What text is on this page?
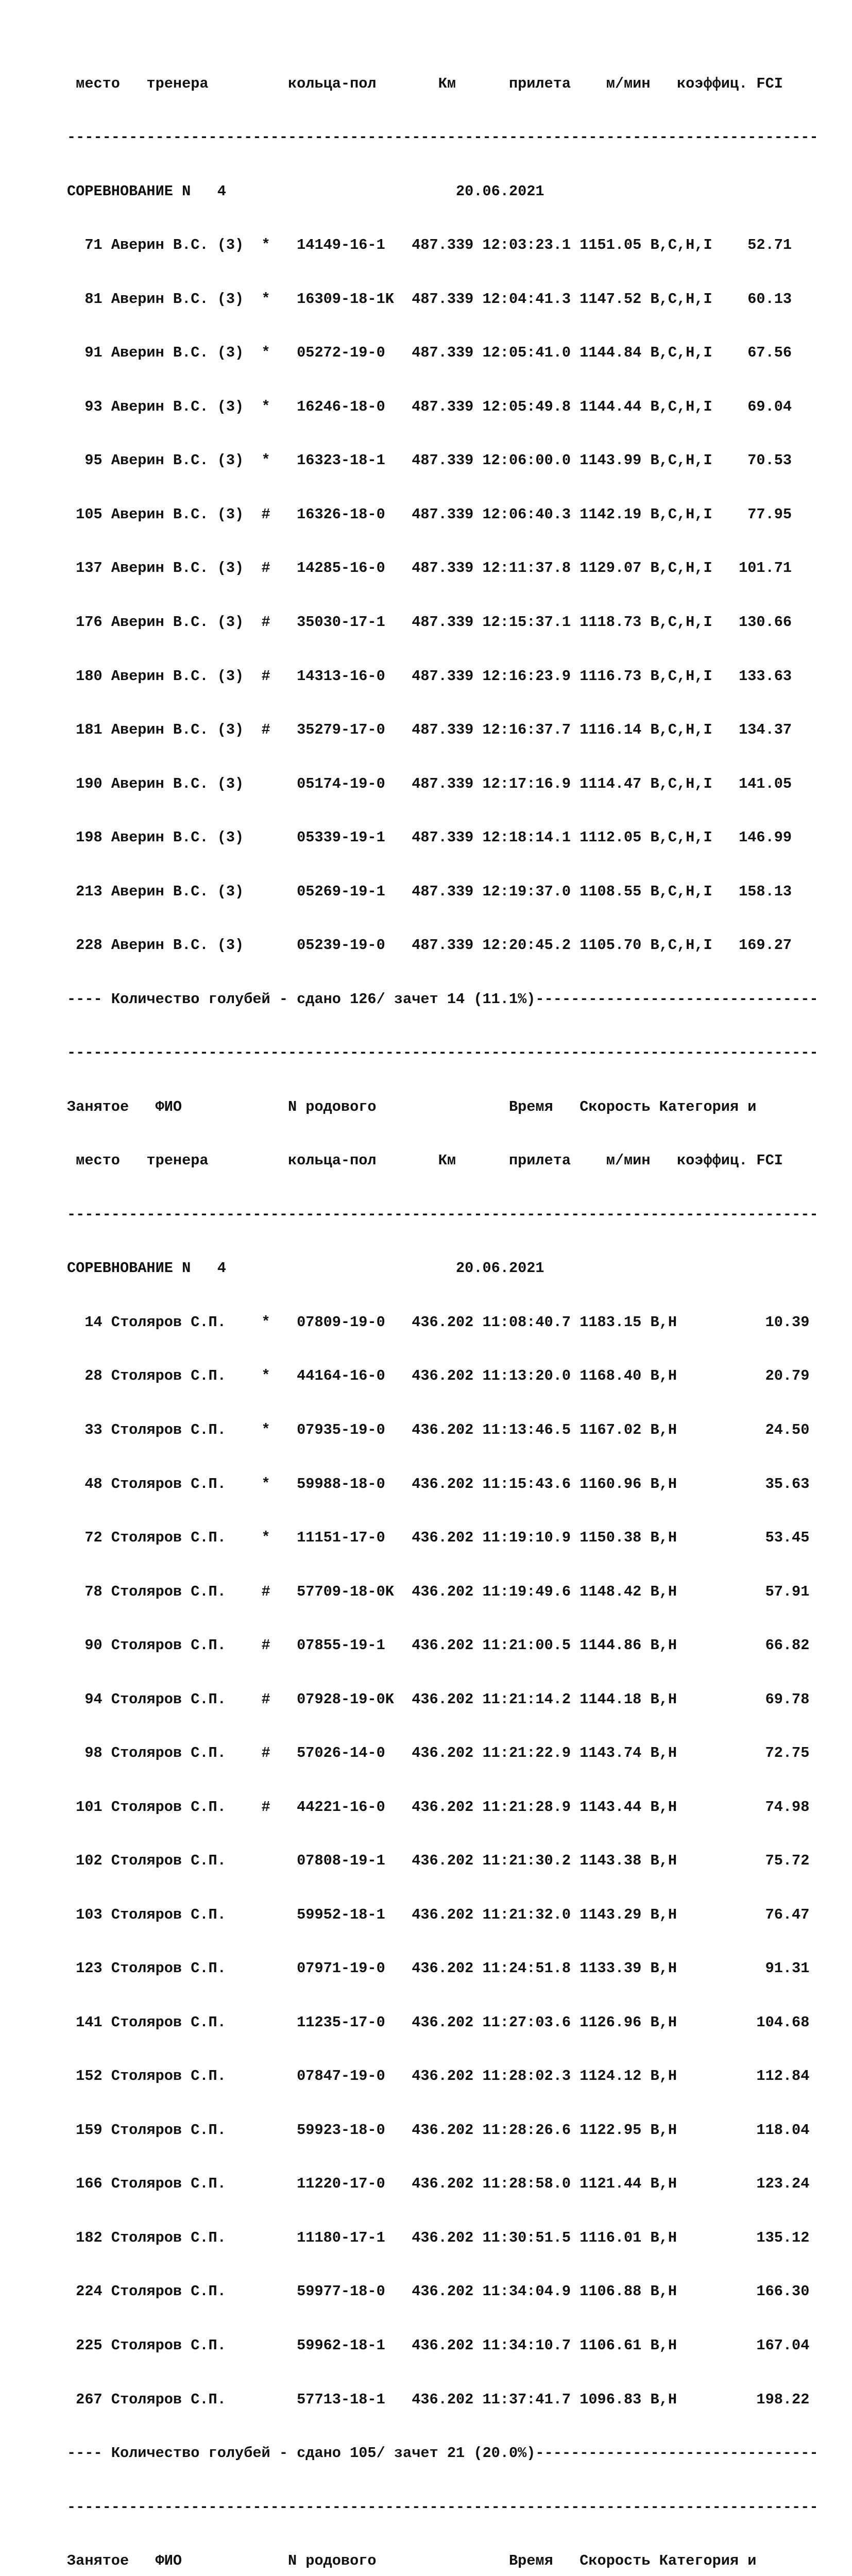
место   тренера         кольца-пол       Км      прилета    м/мин   коэффиц. FCI

-------------------------------------------------------------------------------------

СОРЕВНОВАНИЕ N   4                          20.06.2021

71 Аверин В.С. (3)  *   14149-16-1   487.339 12:03:23.1 1151.05 B,C,H,I    52.71

81 Аверин В.С. (3)  *   16309-18-1K  487.339 12:04:41.3 1147.52 B,C,H,I    60.13

91 Аверин В.С. (3)  *   05272-19-0   487.339 12:05:41.0 1144.84 B,C,H,I    67.56

93 Аверин В.С. (3)  *   16246-18-0   487.339 12:05:49.8 1144.44 B,C,H,I    69.04

95 Аверин В.С. (3)  *   16323-18-1   487.339 12:06:00.0 1143.99 B,C,H,I    70.53

105 Аверин В.С. (3)  #   16326-18-0   487.339 12:06:40.3 1142.19 B,C,H,I    77.95

137 Аверин В.С. (3)  #   14285-16-0   487.339 12:11:37.8 1129.07 B,C,H,I   101.71

176 Аверин В.С. (3)  #   35030-17-1   487.339 12:15:37.1 1118.73 B,C,H,I   130.66

180 Аверин В.С. (3)  #   14313-16-0   487.339 12:16:23.9 1116.73 B,C,H,I   133.63

181 Аверин В.С. (3)  #   35279-17-0   487.339 12:16:37.7 1116.14 B,C,H,I   134.37

190 Аверин В.С. (3)      05174-19-0   487.339 12:17:16.9 1114.47 B,C,H,I   141.05

198 Аверин В.С. (3)      05339-19-1   487.339 12:18:14.1 1112.05 B,C,H,I   146.99

213 Аверин В.С. (3)      05269-19-1   487.339 12:19:37.0 1108.55 B,C,H,I   158.13

228 Аверин В.С. (3)      05239-19-0   487.339 12:20:45.2 1105.70 B,C,H,I   169.27

---- Количество голубей - сдано 126/ зачет 14 (11.1%)--------------------------------

-------------------------------------------------------------------------------------

Занятое   ФИО            N родового               Время   Скорость Категория и

место   тренера         кольца-пол       Км      прилета    м/мин   коэффиц. FCI

-------------------------------------------------------------------------------------

СОРЕВНОВАНИЕ N   4                          20.06.2021

14 Столяров С.П.    *   07809-19-0   436.202 11:08:40.7 1183.15 B,H          10.39

28 Столяров С.П.    *   44164-16-0   436.202 11:13:20.0 1168.40 B,H          20.79

33 Столяров С.П.    *   07935-19-0   436.202 11:13:46.5 1167.02 B,H          24.50

48 Столяров С.П.    *   59988-18-0   436.202 11:15:43.6 1160.96 B,H          35.63

72 Столяров С.П.    *   11151-17-0   436.202 11:19:10.9 1150.38 B,H          53.45

78 Столяров С.П.    #   57709-18-0K  436.202 11:19:49.6 1148.42 B,H          57.91

90 Столяров С.П.    #   07855-19-1   436.202 11:21:00.5 1144.86 B,H          66.82

94 Столяров С.П.    #   07928-19-0K  436.202 11:21:14.2 1144.18 B,H          69.78

98 Столяров С.П.    #   57026-14-0   436.202 11:21:22.9 1143.74 B,H          72.75

101 Столяров С.П.    #   44221-16-0   436.202 11:21:28.9 1143.44 B,H          74.98

102 Столяров С.П.        07808-19-1   436.202 11:21:30.2 1143.38 B,H          75.72

103 Столяров С.П.        59952-18-1   436.202 11:21:32.0 1143.29 B,H          76.47

123 Столяров С.П.        07971-19-0   436.202 11:24:51.8 1133.39 B,H          91.31

141 Столяров С.П.        11235-17-0   436.202 11:27:03.6 1126.96 B,H         104.68

152 Столяров С.П.        07847-19-0   436.202 11:28:02.3 1124.12 B,H         112.84

159 Столяров С.П.        59923-18-0   436.202 11:28:26.6 1122.95 B,H         118.04

166 Столяров С.П.        11220-17-0   436.202 11:28:58.0 1121.44 B,H         123.24

182 Столяров С.П.        11180-17-1   436.202 11:30:51.5 1116.01 B,H         135.12

224 Столяров С.П.        59977-18-0   436.202 11:34:04.9 1106.88 B,H         166.30

225 Столяров С.П.        59962-18-1   436.202 11:34:10.7 1106.61 B,H         167.04

267 Столяров С.П.        57713-18-1   436.202 11:37:41.7 1096.83 B,H         198.22

---- Количество голубей - сдано 105/ зачет 21 (20.0%)--------------------------------

-------------------------------------------------------------------------------------

Занятое   ФИО            N родового               Время   Скорость Категория и
